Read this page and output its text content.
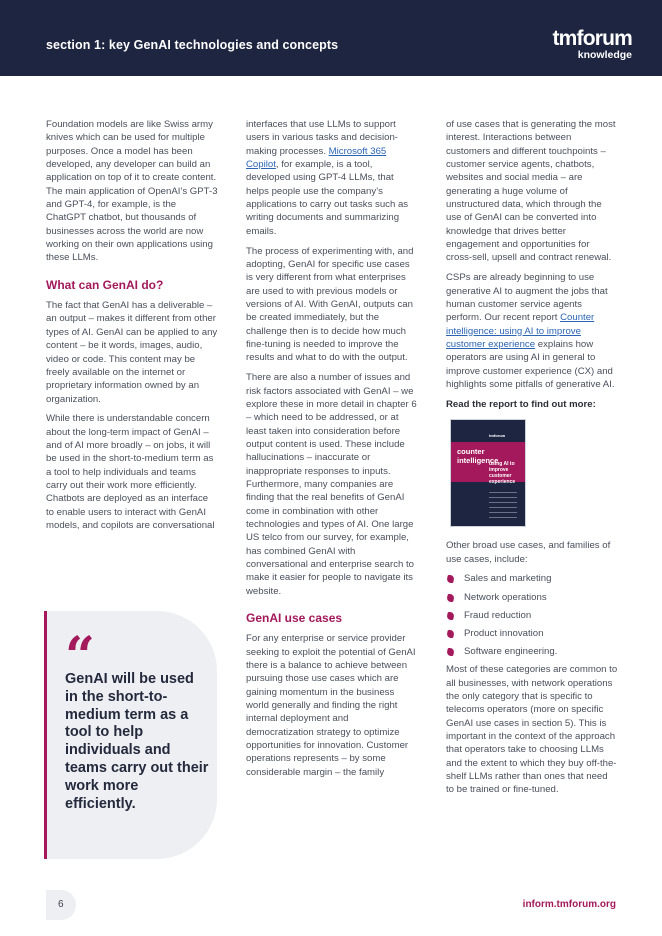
section 1: key GenAI technologies and concepts	tmforum
knowledge

Foundation models are like Swiss army knives which can be used for multiple purposes. Once a model has been developed, any developer can build an application on top of it to create content. The main application of OpenAI’s GPT-3 and GPT-4, for example, is the ChatGPT chatbot, but thousands of businesses across the world are now working on their own applications using these LLMs.

What can GenAI do?

The fact that GenAI has a deliverable – an output – makes it different from other types of AI. GenAI can be applied to any content – be it words, images, audio, video or code. This content may be freely available on the internet or proprietary information owned by an organization.

While there is understandable concern about the long-term impact of GenAI – and of AI more broadly – on jobs, it will be used in the short-to-medium term as a tool to help individuals and teams carry out their work more efficiently. Chatbots are deployed as an interface to enable users to interact with GenAI models, and copilots are conversational

“
GenAI will be used in the short-to-medium term as a tool to help individuals and teams carry out their work more efficiently.

interfaces that use LLMs to support users in various tasks and decision-making processes. Microsoft 365 Copilot, for example, is a tool, developed using GPT-4 LLMs, that helps people use the company’s applications to carry out tasks such as writing documents and summarizing emails.

The process of experimenting with, and adopting, GenAI for specific use cases is very different from what enterprises are used to with previous models or versions of AI. With GenAI, outputs can be created immediately, but the challenge then is to decide how much fine-tuning is needed to improve the results and what to do with the output.

There are also a number of issues and risk factors associated with GenAI – we explore these in more detail in chapter 6 – which need to be addressed, or at least taken into consideration before output content is used. These include hallucinations – inaccurate or inappropriate responses to inputs. Furthermore, many companies are finding that the real benefits of GenAI come in combination with other technologies and types of AI. One large US telco from our survey, for example, has combined GenAI with conversational and enterprise search to make it easier for people to navigate its website.

GenAI use cases

For any enterprise or service provider seeking to exploit the potential of GenAI there is a balance to achieve between pursuing those use cases which are gaining momentum in the business world generally and finding the right internal deployment and democratization strategy to optimize opportunities for innovation. Customer operations represents – by some considerable margin – the family

of use cases that is generating the most interest. Interactions between customers and different touchpoints – customer service agents, chatbots, websites and social media – are generating a huge volume of unstructured data, which through the use of GenAI can be converted into knowledge that drives better engagement and opportunities for cross-sell, upsell and contract renewal.

CSPs are already beginning to use generative AI to augment the jobs that human customer service agents perform. Our recent report Counter intelligence: using AI to improve customer experience explains how operators are using AI in general to improve customer experience (CX) and highlights some pitfalls of generative AI.

Read the report to find out more:

tmforum
counter intelligence
using AI to improve customer experience

Other broad use cases, and families of use cases, include:

Sales and marketing
Network operations
Fraud reduction
Product innovation
Software engineering.

Most of these categories are common to all businesses, with network operations the only category that is specific to telecoms operators (more on specific GenAI use cases in section 5). This is important in the context of the approach that operators take to choosing LLMs and the extent to which they buy off-the-shelf LLMs rather than ones that need to be trained or fine-tuned.

6	inform.tmforum.org
